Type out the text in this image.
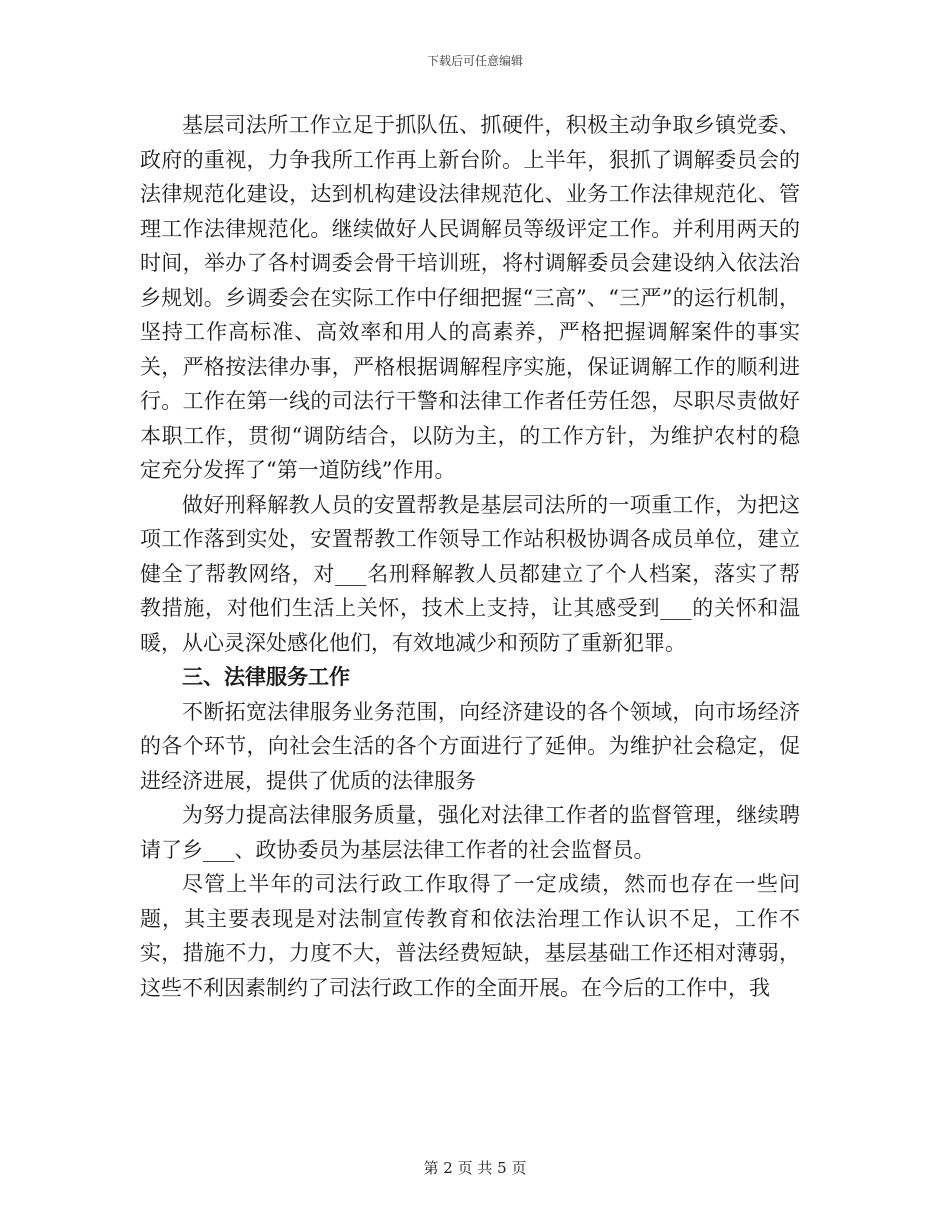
下载后可任意编辑

基层司法所工作立足于抓队伍、抓硬件，积极主动争取乡镇党委、政府的重视，力争我所工作再上新台阶。上半年，狠抓了调解委员会的法律规范化建设，达到机构建设法律规范化、业务工作法律规范化、管理工作法律规范化。继续做好人民调解员等级评定工作。并利用两天的时间，举办了各村调委会骨干培训班，将村调解委员会建设纳入依法治乡规划。乡调委会在实际工作中仔细把握“三高”、“三严”的运行机制，坚持工作高标准、高效率和用人的高素养，严格把握调解案件的事实关，严格按法律办事，严格根据调解程序实施，保证调解工作的顺利进行。工作在第一线的司法行干警和法律工作者任劳任怨，尽职尽责做好本职工作，贯彻“调防结合，以防为主，的工作方针，为维护农村的稳定充分发挥了“第一道防线”作用。

做好刑释解教人员的安置帮教是基层司法所的一项重工作，为把这项工作落到实处，安置帮教工作领导工作站积极协调各成员单位，建立健全了帮教网络，对___名刑释解教人员都建立了个人档案，落实了帮教措施，对他们生活上关怀，技术上支持，让其感受到___的关怀和温暖，从心灵深处感化他们，有效地减少和预防了重新犯罪。

三、法律服务工作

不断拓宽法律服务业务范围，向经济建设的各个领域，向市场经济的各个环节，向社会生活的各个方面进行了延伸。为维护社会稳定，促进经济进展，提供了优质的法律服务

为努力提高法律服务质量，强化对法律工作者的监督管理，继续聘请了乡___、政协委员为基层法律工作者的社会监督员。

尽管上半年的司法行政工作取得了一定成绩，然而也存在一些问题，其主要表现是对法制宣传教育和依法治理工作认识不足，工作不实，措施不力，力度不大，普法经费短缺，基层基础工作还相对薄弱，这些不利因素制约了司法行政工作的全面开展。在今后的工作中，我

第 2 页 共 5 页
